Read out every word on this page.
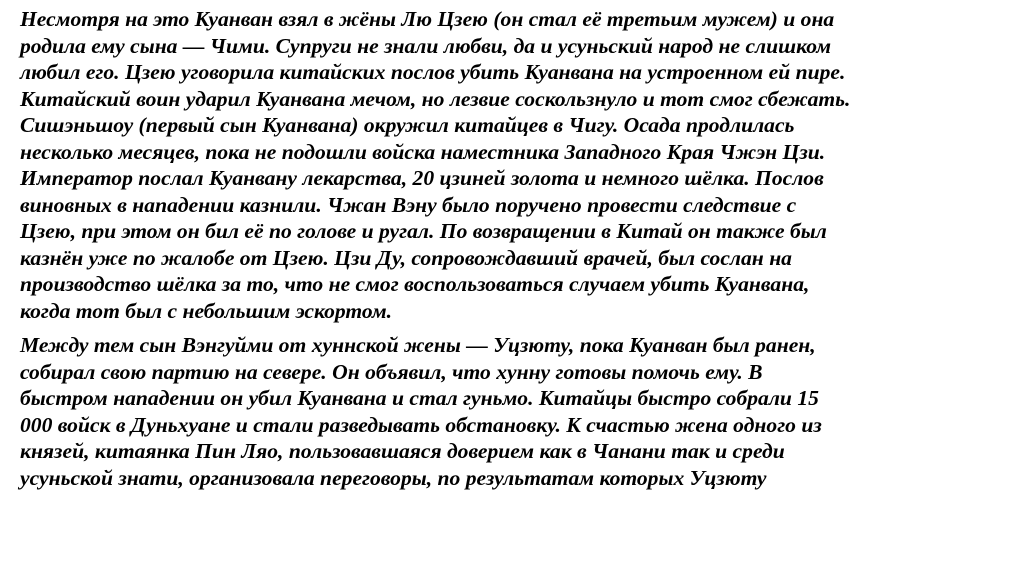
Несмотря на это Куанван взял в жёны Лю Цзею (он стал её третьим мужем) и она
родила ему сына — Чими. Супруги не знали любви, да и усуньский народ не слишком
любил его. Цзею уговорила китайских послов убить Куанвана на устроенном ей пире.
Китайский воин ударил Куанвана мечом, но лезвие соскользнуло и тот смог сбежать.
Сишэньшоу (первый сын Куанвана) окружил китайцев в Чигу. Осада продлилась
несколько месяцев, пока не подошли войска наместника Западного Края Чжэн Цзи.
Император послал Куанвану лекарства, 20 цзиней золота и немного шёлка. Послов
виновных в нападении казнили. Чжан Вэну было поручено провести следствие с
Цзею, при этом он бил её по голове и ругал. По возвращении в Китай он также был
казнён уже по жалобе от Цзею. Цзи Ду, сопровождавший врачей, был сослан на
производство шёлка за то, что не смог воспользоваться случаем убить Куанвана,
когда тот был с небольшим эскортом.

Между тем сын Вэнгуйми от хуннской жены — Уцзюту, пока Куанван был ранен,
собирал свою партию на севере. Он объявил, что хунну готовы помочь ему. В
быстром нападении он убил Куанвана и стал гуньмо. Китайцы быстро собрали 15
000 войск в Дуньхуане и стали разведывать обстановку. К счастью жена одного из
князей, китаянка Пин Ляо, пользовавшаяся доверием как в Чанани так и среди
усуньской знати, организовала переговоры, по результатам которых Уцзюту
